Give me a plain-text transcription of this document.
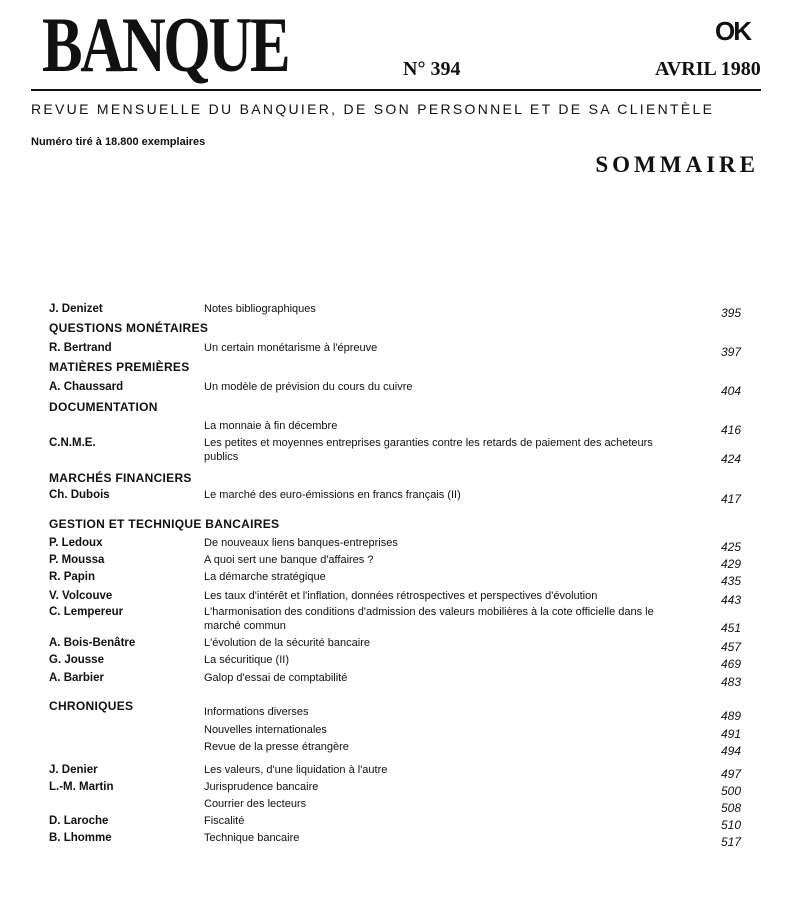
BANQUE	OK
N° 394	AVRIL 1980
REVUE MENSUELLE DU BANQUIER, DE SON PERSONNEL ET DE SA CLIENTÈLE
Numéro tiré à 18.800 exemplaires
SOMMAIRE
QUESTIONS MONÉTAIRES
MATIÈRES PREMIÈRES
DOCUMENTATION
MARCHÉS FINANCIERS
GESTION ET TECHNIQUE BANCAIRES
CHRONIQUES
J. Denizet	Notes bibliographiques	395
R. Bertrand	Un certain monétarisme à l'épreuve	397
A. Chaussard	Un modèle de prévision du cours du cuivre	404
La monnaie à fin décembre	416
C.N.M.E.	Les petites et moyennes entreprises garanties contre les retards de paiement des acheteurs publics	424
Ch. Dubois	Le marché des euro-émissions en francs français (II)	417
P. Ledoux	De nouveaux liens banques-entreprises	425
P. Moussa	A quoi sert une banque d'affaires ?	429
R. Papin	La démarche stratégique	435
V. Volcouve	Les taux d'intérêt et l'inflation, données rétrospectives et perspectives d'évolution	443
C. Lempereur	L'harmonisation des conditions d'admission des valeurs mobilières à la cote officielle dans le marché commun	451
A. Bois-Benâtre	L'évolution de la sécurité bancaire	457
G. Jousse	La sécuritique (II)	469
A. Barbier	Galop d'essai de comptabilité	483
Informations diverses	489
Nouvelles internationales	491
Revue de la presse étrangère	494
J. Denier	Les valeurs, d'une liquidation à l'autre	497
L.-M. Martin	Jurisprudence bancaire	500
Courrier des lecteurs	508
D. Laroche	Fiscalité	510
B. Lhomme	Technique bancaire	517
